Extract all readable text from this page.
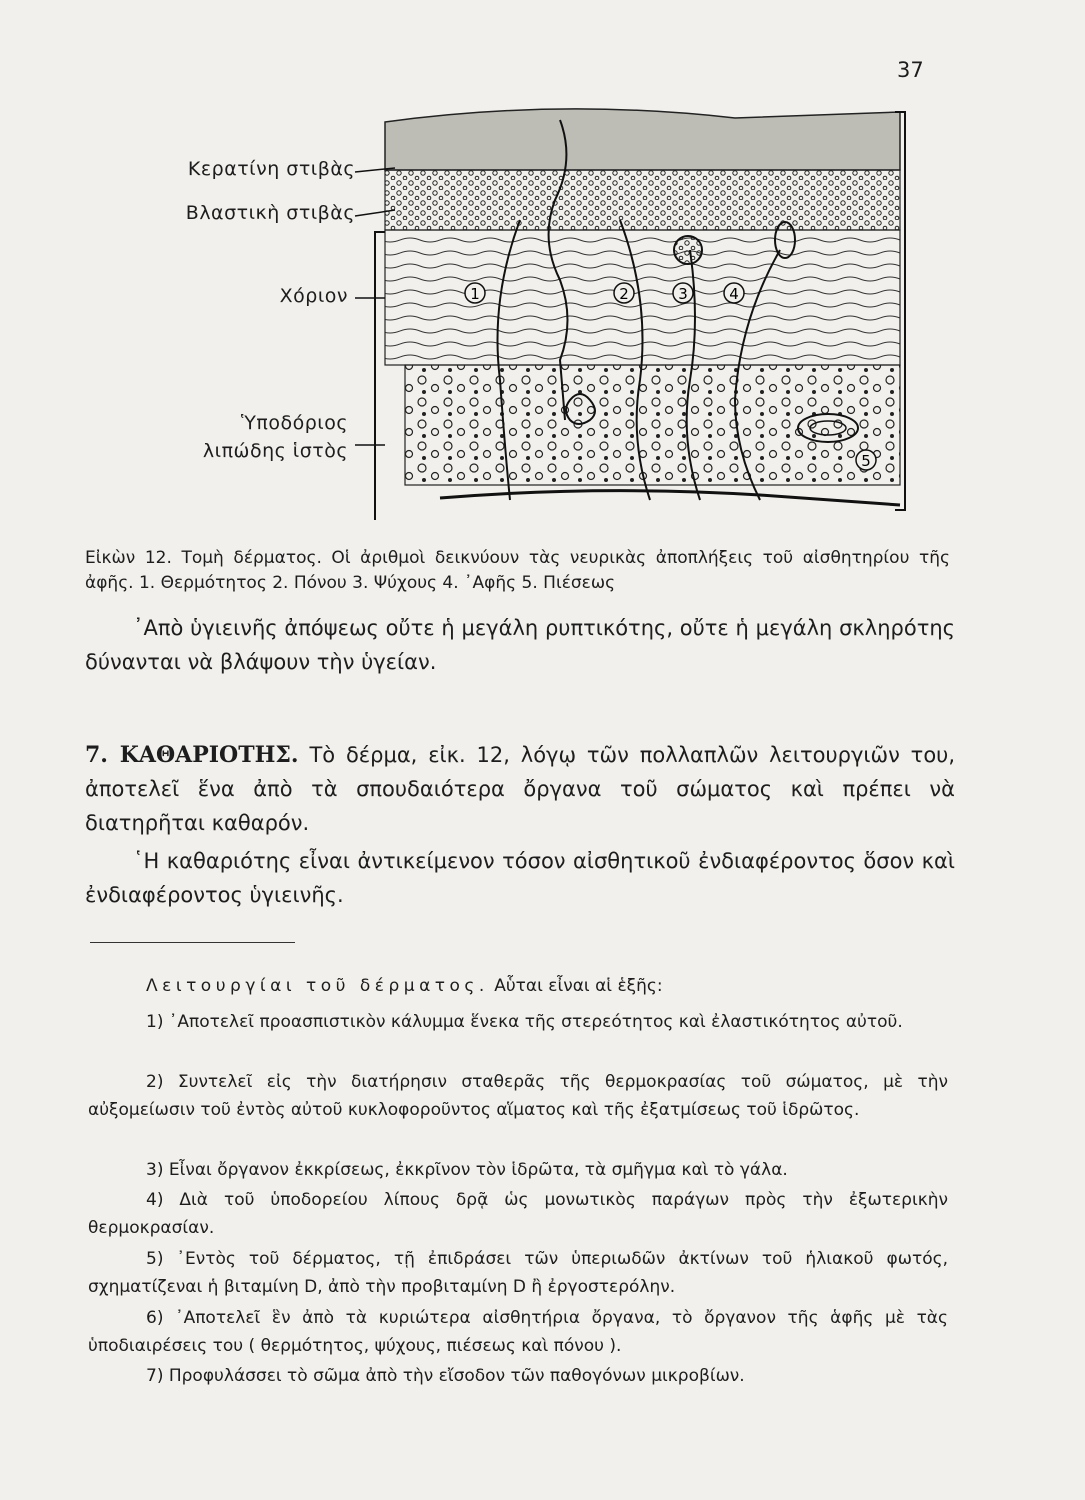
37
1	2	3	4
5
Κερατίνη στιβὰς
Βλαστικὴ στιβὰς
Χόριον
Ὑποδόριος
λιπώδης ἱστὸς
Εἰκὼν 12. Τομὴ δέρματος. Οἱ ἀριθμοὶ δεικνύουν τὰς νευρικὰς ἀποπλήξεις τοῦ αἰσθητηρίου τῆς ἀφῆς. 1. Θερμότητος 2. Πόνου 3. Ψύχους 4. ᾿Αφῆς 5. Πιέσεως

᾿Απὸ ὑγιεινῆς ἀπόψεως οὔτε ἡ μεγάλη ρυπτικότης, οὔτε ἡ μεγάλη σκληρότης δύνανται νὰ βλάψουν τὴν ὑγείαν.

7. ΚΑΘΑΡΙΟΤΗΣ. Τὸ δέρμα, εἰκ. 12, λόγῳ τῶν πολλαπλῶν λειτουργιῶν του, ἀποτελεῖ ἕνα ἀπὸ τὰ σπουδαιότερα ὄργανα τοῦ σώματος καὶ πρέπει νὰ διατηρῆται καθαρόν.

῾Η καθαριότης εἶναι ἀντικείμενον τόσον αἰσθητικοῦ ἐνδιαφέροντος ὅσον καὶ ἐνδιαφέροντος ὑγιεινῆς.

Λειτουργίαι τοῦ δέρματος. Αὗται εἶναι αἱ ἑξῆς:
1) ᾿Αποτελεῖ προασπιστικὸν κάλυμμα ἕνεκα τῆς στερεότητος καὶ ἐλαστικότητος αὐτοῦ.
2) Συντελεῖ εἰς τὴν διατήρησιν σταθερᾶς τῆς θερμοκρασίας τοῦ σώματος, μὲ τὴν αὐξομείωσιν τοῦ ἐντὸς αὐτοῦ κυκλοφοροῦντος αἵματος καὶ τῆς ἐξατμίσεως τοῦ ἱδρῶτος.
3) Εἶναι ὄργανον ἐκκρίσεως, ἐκκρῖνον τὸν ἱδρῶτα, τὰ σμῆγμα καὶ τὸ γάλα.
4) Διὰ τοῦ ὑποδορείου λίπους δρᾷ ὡς μονωτικὸς παράγων πρὸς τὴν ἐξωτερικὴν θερμοκρασίαν.
5) ᾿Εντὸς τοῦ δέρματος, τῇ ἐπιδράσει τῶν ὑπεριωδῶν ἀκτίνων τοῦ ἡλιακοῦ φωτός, σχηματίζεναι ἡ βιταμίνη D, ἀπὸ τὴν προβιταμίνη D ἢ ἐργοστερόλην.
6) ᾿Αποτελεῖ ἓν ἀπὸ τὰ κυριώτερα αἰσθητήρια ὄργανα, τὸ ὄργανον τῆς ἁφῆς μὲ τὰς ὑποδιαιρέσεις του ( θερμότητος, ψύχους, πιέσεως καὶ πόνου ).
7) Προφυλάσσει τὸ σῶμα ἀπὸ τὴν εἴσοδον τῶν παθογόνων μικροβίων.
